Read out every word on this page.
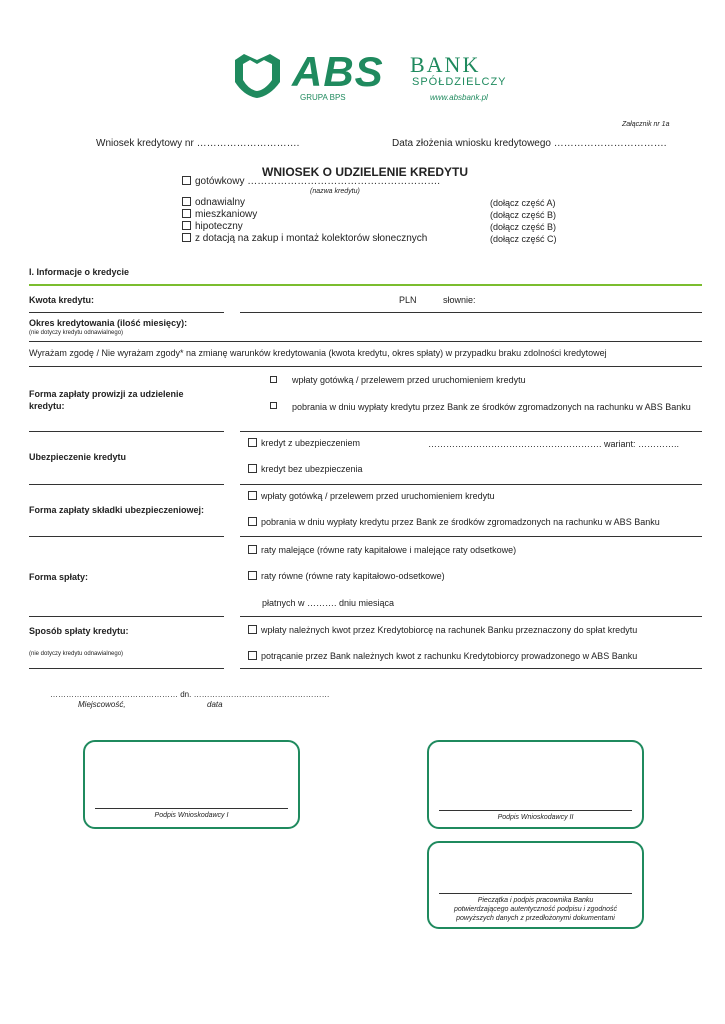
ABS BANK
SPÓŁDZIELCZY
GRUPA BPS	www.absbank.pl
Załącznik nr 1a
Wniosek kredytowy nr ………………………….	Data złożenia wniosku kredytowego …………………………….
WNIOSEK O UDZIELENIE KREDYTU
gotówkowy ………………………………………………….
(nazwa kredytu)
odnawialny	(dołącz część A)
mieszkaniowy	(dołącz część B)
hipoteczny	(dołącz część B)
z dotacją na zakup i montaż kolektorów słonecznych	(dołącz część C)
I. Informacje o kredycie
Kwota kredytu:	PLN	słownie:
Okres kredytowania (ilość miesięcy):
(nie dotyczy kredytu odnawialnego)
Wyrażam zgodę / Nie wyrażam zgody* na zmianę warunków kredytowania (kwota kredytu, okres spłaty) w przypadku braku zdolności kredytowej
Forma zapłaty prowizji za udzielenie kredytu:
wpłaty gotówką / przelewem przed uruchomieniem kredytu
pobrania w dniu wypłaty kredytu przez Bank ze środków zgromadzonych na rachunku w ABS Banku
Ubezpieczenie kredytu
kredyt z ubezpieczeniem	…………………………………………………. wariant: …………..
kredyt bez ubezpieczenia
Forma zapłaty składki ubezpieczeniowej:
wpłaty gotówką / przelewem przed uruchomieniem kredytu
pobrania w dniu wypłaty kredytu przez Bank ze środków zgromadzonych na rachunku w ABS Banku
Forma spłaty:
raty malejące (równe raty kapitałowe i malejące raty odsetkowe)
raty równe (równe raty kapitałowo-odsetkowe)
płatnych w ………. dniu miesiąca
Sposób spłaty kredytu:
(nie dotyczy kredytu odnawialnego)
wpłaty należnych kwot przez Kredytobiorcę na rachunek Banku przeznaczony do spłat kredytu
potrącanie przez Bank należnych kwot z rachunku Kredytobiorcy prowadzonego w ABS Banku
………………………………………… dn. ……………………………………………
Miejscowość,	data
Podpis Wnioskodawcy I	Podpis Wnioskodawcy II
Pieczątka i podpis pracownika Banku
potwierdzającego autentyczność podpisu i zgodność
powyższych danych z przedłożonymi dokumentami
